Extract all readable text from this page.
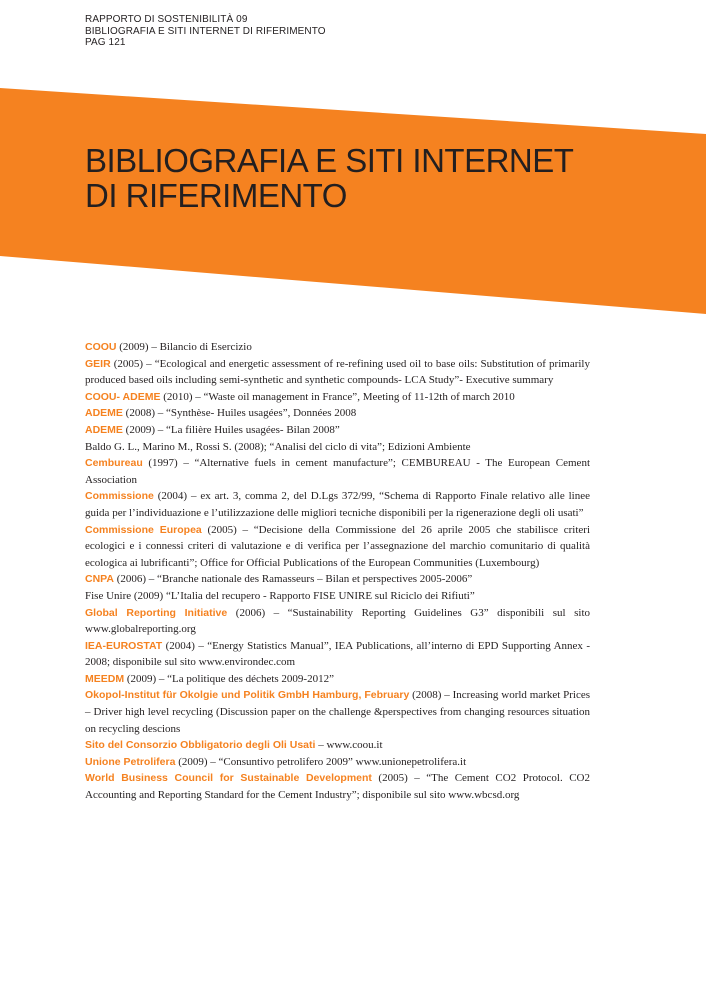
RAPPORTO DI SOSTENIBILITÀ 09
BIBLIOGRAFIA E SITI INTERNET DI RIFERIMENTO
PAG 121
BIBLIOGRAFIA E SITI INTERNET
DI RIFERIMENTO

COOU (2009) – Bilancio di Esercizio

GEIR (2005) – “Ecological and energetic assessment of re-refining used oil to base oils: Substitution of primarily produced based oils including semi-synthetic and synthetic compounds- LCA Study”- Executive summary

COOU- ADEME (2010) – “Waste oil management in France”, Meeting of 11-12th of march 2010

ADEME (2008) – “Synthèse- Huiles usagées”, Données 2008

ADEME (2009) – “La filière Huiles usagées- Bilan 2008”

Baldo G. L., Marino M., Rossi S. (2008); “Analisi del ciclo di vita”; Edizioni Ambiente

Cembureau (1997) – “Alternative fuels in cement manufacture”; CEMBUREAU - The European Cement Association

Commissione (2004) – ex art. 3, comma 2, del D.Lgs 372/99, “Schema di Rapporto Finale relativo alle linee guida per l’individuazione e l’utilizzazione delle migliori tecniche disponibili per la rigenerazione degli oli usati”

Commissione Europea (2005) – “Decisione della Commissione del 26 aprile 2005 che stabilisce criteri ecologici e i connessi criteri di valutazione e di verifica per l’assegnazione del marchio comunitario di qualità ecologica ai lubrificanti”; Office for Official Publications of the European Communities (Luxembourg)

CNPA (2006) – “Branche nationale des Ramasseurs – Bilan et perspectives 2005-2006”

Fise Unire (2009) “L’Italia del recupero - Rapporto FISE UNIRE sul Riciclo dei Rifiuti”

Global Reporting Initiative (2006) – “Sustainability Reporting Guidelines G3” disponibili sul sito www.globalreporting.org

IEA-EUROSTAT (2004) – “Energy Statistics Manual”, IEA Publications, all’interno di EPD Supporting Annex - 2008; disponibile sul sito www.environdec.com

MEEDM (2009) – “La politique des déchets 2009-2012”

Okopol-Institut für Okolgie und Politik GmbH Hamburg, February (2008) – Increasing world market Prices – Driver high level recycling (Discussion paper on the challenge &perspectives from changing resources situation on recycling descions

Sito del Consorzio Obbligatorio degli Oli Usati – www.coou.it

Unione Petrolifera (2009) – “Consuntivo petrolifero 2009” www.unionepetrolifera.it

World Business Council for Sustainable Development (2005) – “The Cement CO2 Protocol. CO2 Accounting and Reporting Standard for the Cement Industry”; disponibile sul sito www.wbcsd.org
